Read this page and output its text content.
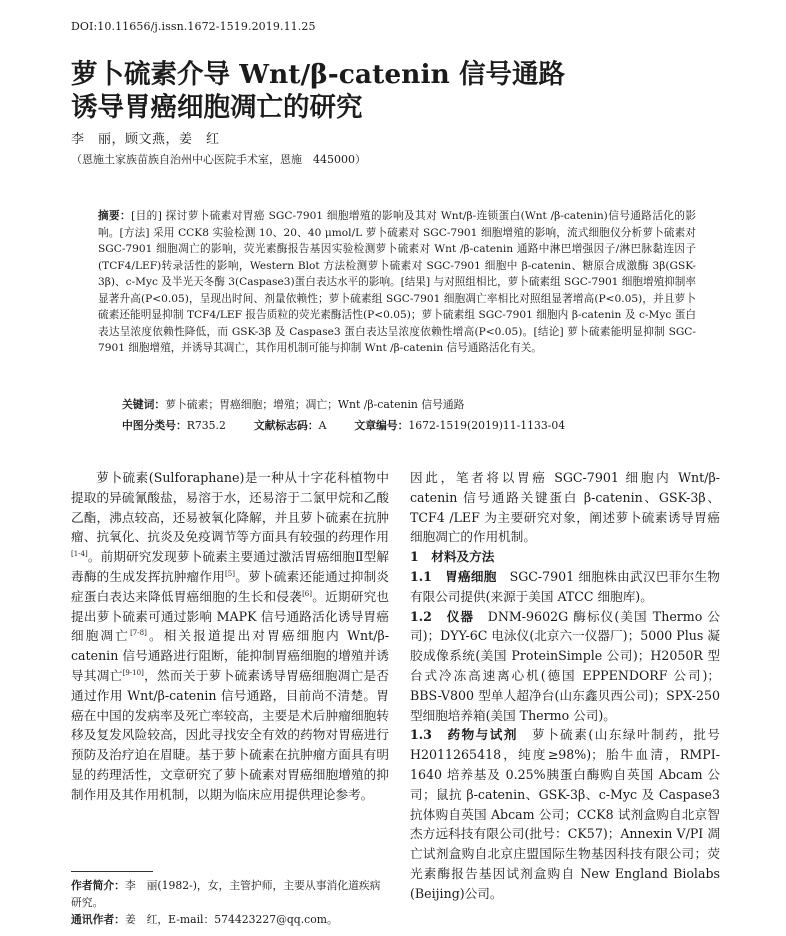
DOI:10.11656/j.issn.1672-1519.2019.11.25
萝卜硫素介导 Wnt/β-catenin 信号通路
诱导胃癌细胞凋亡的研究
李　丽，顾文燕，姜　红
（恩施土家族苗族自治州中心医院手术室，恩施　445000）

摘要：[目的] 探讨萝卜硫素对胃癌 SGC-7901 细胞增殖的影响及其对 Wnt/β-连锁蛋白(Wnt /β-catenin)信号通路活化的影响。[方法] 采用 CCK8 实验检测 10、20、40 μmol/L 萝卜硫素对 SGC-7901 细胞增殖的影响，流式细胞仪分析萝卜硫素对 SGC-7901 细胞凋亡的影响，荧光素酶报告基因实验检测萝卜硫素对 Wnt /β-catenin 通路中淋巴增强因子/淋巴脉黏连因子(TCF4/LEF)转录活性的影响，Western Blot 方法检测萝卜硫素对 SGC-7901 细胞中 β-catenin、糖原合成激酶 3β(GSK-3β)、c-Myc 及半光天冬酶 3(Caspase3)蛋白表达水平的影响。[结果] 与对照组相比，萝卜硫素组 SGC-7901 细胞增殖抑制率显著升高(P<0.05)，呈现出时间、剂量依赖性；萝卜硫素组 SGC-7901 细胞凋亡率相比对照组显著增高(P<0.05)，并且萝卜硫素还能明显抑制 TCF4/LEF 报告质粒的荧光素酶活性(P<0.05)；萝卜硫素组 SGC-7901 细胞内 β-catenin 及 c-Myc 蛋白表达呈浓度依赖性降低，而 GSK-3β 及 Caspase3 蛋白表达呈浓度依赖性增高(P<0.05)。[结论] 萝卜硫素能明显抑制 SGC-7901 细胞增殖，并诱导其凋亡，其作用机制可能与抑制 Wnt /β-catenin 信号通路活化有关。

关键词：萝卜硫素；胃癌细胞；增殖；凋亡；Wnt /β-catenin 信号通路
中图分类号：R735.2	文献标志码：A	文章编号：1672-1519(2019)11-1133-04

萝卜硫素(Sulforaphane)是一种从十字花科植物中提取的异硫氰酸盐，易溶于水，还易溶于二氯甲烷和乙酸乙酯，沸点较高，还易被氧化降解，并且萝卜硫素在抗肿瘤、抗氧化、抗炎及免疫调节等方面具有较强的药理作用[1-4]。前期研究发现萝卜硫素主要通过激活胃癌细胞Ⅱ型解毒酶的生成发挥抗肿瘤作用[5]。萝卜硫素还能通过抑制炎症蛋白表达来降低胃癌细胞的生长和侵袭[6]。近期研究也提出萝卜硫素可通过影响 MAPK 信号通路活化诱导胃癌细胞凋亡[7-8]。相关报道提出对胃癌细胞内 Wnt/β-catenin 信号通路进行阻断，能抑制胃癌细胞的增殖并诱导其凋亡[9-10]，然而关于萝卜硫素诱导胃癌细胞凋亡是否通过作用 Wnt/β-catenin 信号通路，目前尚不清楚。胃癌在中国的发病率及死亡率较高，主要是术后肿瘤细胞转移及复发风险较高，因此寻找安全有效的药物对胃癌进行预防及治疗迫在眉睫。基于萝卜硫素在抗肿瘤方面具有明显的药理活性，文章研究了萝卜硫素对胃癌细胞增殖的抑制作用及其作用机制，以期为临床应用提供理论参考。

作者简介：李　丽(1982-)，女，主管护师，主要从事消化道疾病研究。
通讯作者：姜　红，E-mail：574423227@qq.com。

因此，笔者将以胃癌 SGC-7901 细胞内 Wnt/β-catenin 信号通路关键蛋白 β-catenin、GSK-3β、TCF4 /LEF 为主要研究对象，阐述萝卜硫素诱导胃癌细胞凋亡的作用机制。

1　材料及方法

1.1　胃癌细胞　 SGC-7901 细胞株由武汉巴菲尔生物有限公司提供(来源于美国 ATCC 细胞库)。

1.2　仪器　 DNM-9602G 酶标仪(美国 Thermo 公司)；DYY-6C 电泳仪(北京六一仪器厂)；5000 Plus 凝胶成像系统(美国 ProteinSimple 公司)；H2050R 型台式冷冻高速离心机(德国 EPPENDORF 公司)；BBS-V800 型单人超净台(山东鑫贝西公司)；SPX-250 型细胞培养箱(美国 Thermo 公司)。

1.3　药物与试剂　 萝卜硫素(山东绿叶制药，批号 H2011265418，纯度≥98%)；胎牛血清，RMPI-1640 培养基及 0.25%胰蛋白酶购自英国 Abcam 公司；鼠抗 β-catenin、GSK-3β、c-Myc 及 Caspase3 抗体购自英国 Abcam 公司；CCK8 试剂盒购自北京智杰方远科技有限公司(批号：CK57)；Annexin V/PI 凋亡试剂盒购自北京庄盟国际生物基因科技有限公司；荧光素酶报告基因试剂盒购自 New England Biolabs (Beijing)公司。
